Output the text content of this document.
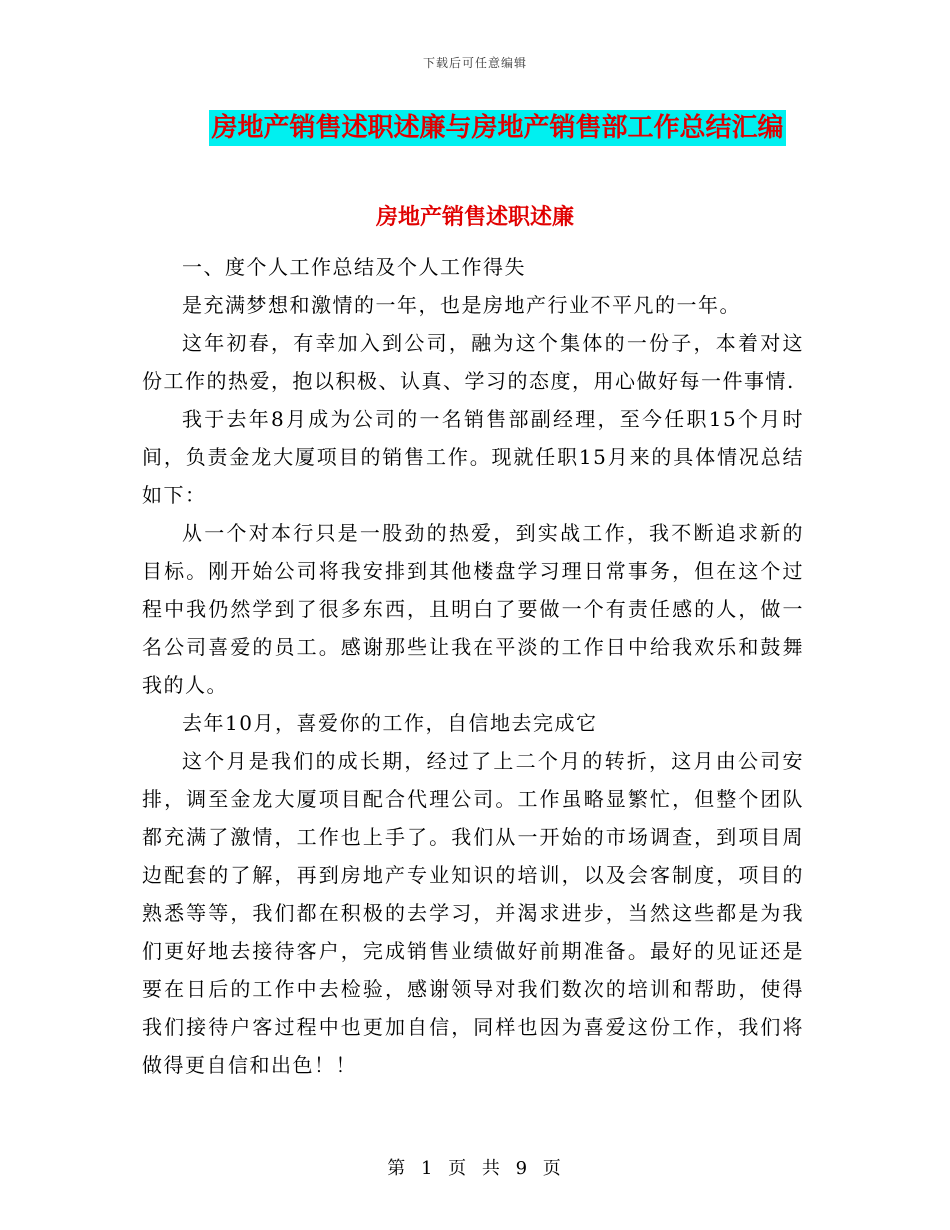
下载后可任意编辑
房地产销售述职述廉与房地产销售部工作总结汇编
房地产销售述职述廉

一、度个人工作总结及个人工作得失

是充满梦想和激情的一年，也是房地产行业不平凡的一年。

这年初春，有幸加入到公司，融为这个集体的一份子，本着对这份工作的热爱，抱以积极、认真、学习的态度，用心做好每一件事情.

我于去年8月成为公司的一名销售部副经理，至今任职15个月时间，负责金龙大厦项目的销售工作。现就任职15月来的具体情况总结如下：

从一个对本行只是一股劲的热爱，到实战工作，我不断追求新的目标。刚开始公司将我安排到其他楼盘学习理日常事务，但在这个过程中我仍然学到了很多东西，且明白了要做一个有责任感的人，做一名公司喜爱的员工。感谢那些让我在平淡的工作日中给我欢乐和鼓舞我的人。

去年10月，喜爱你的工作，自信地去完成它

这个月是我们的成长期，经过了上二个月的转折，这月由公司安排，调至金龙大厦项目配合代理公司。工作虽略显繁忙，但整个团队都充满了激情，工作也上手了。我们从一开始的市场调查，到项目周边配套的了解，再到房地产专业知识的培训，以及会客制度，项目的熟悉等等，我们都在积极的去学习，并渴求进步，当然这些都是为我们更好地去接待客户，完成销售业绩做好前期准备。最好的见证还是要在日后的工作中去检验，感谢领导对我们数次的培训和帮助，使得我们接待户客过程中也更加自信，同样也因为喜爱这份工作，我们将做得更自信和出色！！

第 1 页 共 9 页
